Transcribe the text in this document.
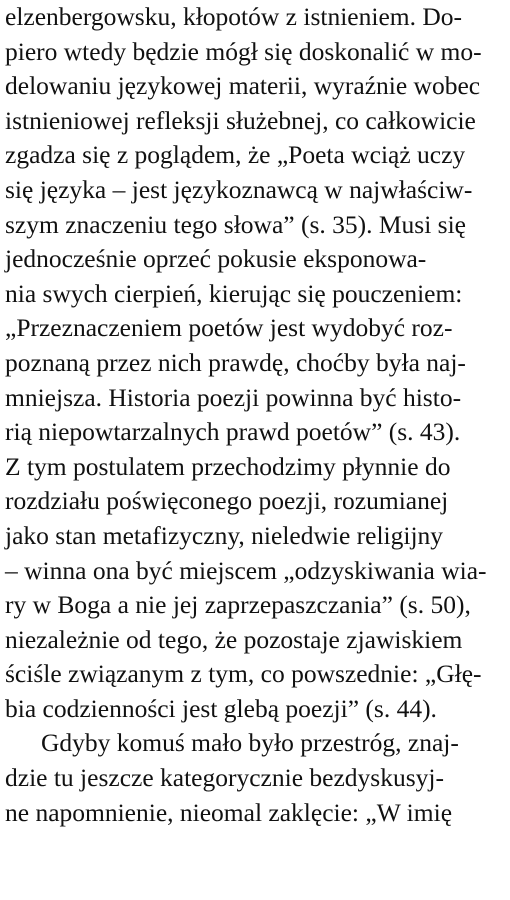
elzenbergowsku, kłopotów z istnieniem. Do-
piero wtedy będzie mógł się doskonalić w mo-
delowaniu językowej materii, wyraźnie wobec
istnieniowej refleksji służebnej, co całkowicie
zgadza się z poglądem, że „Poeta wciąż uczy
się języka – jest językoznawcą w najwłaściw-
szym znaczeniu tego słowa” (s. 35). Musi się
jednocześnie oprzeć pokusie eksponowa-
nia swych cierpień, kierując się pouczeniem:
„Przeznaczeniem poetów jest wydobyć roz-
poznaną przez nich prawdę, choćby była naj-
mniejsza. Historia poezji powinna być histo-
rią niepowtarzalnych prawd poetów” (s. 43).
Z tym postulatem przechodzimy płynnie do
rozdziału poświęconego poezji, rozumianej
jako stan metafizyczny, nieledwie religijny
– winna ona być miejscem „odzyskiwania wia-
ry w Boga a nie jej zaprzepaszczania” (s. 50),
niezależnie od tego, że pozostaje zjawiskiem
ściśle związanym z tym, co powszednie: „Głę-
bia codzienności jest glebą poezji” (s. 44).
Gdyby komuś mało było przestróg, znaj-
dzie tu jeszcze kategorycznie bezdyskusyj-
ne napomnienie, nieomal zaklęcie: „W imię
